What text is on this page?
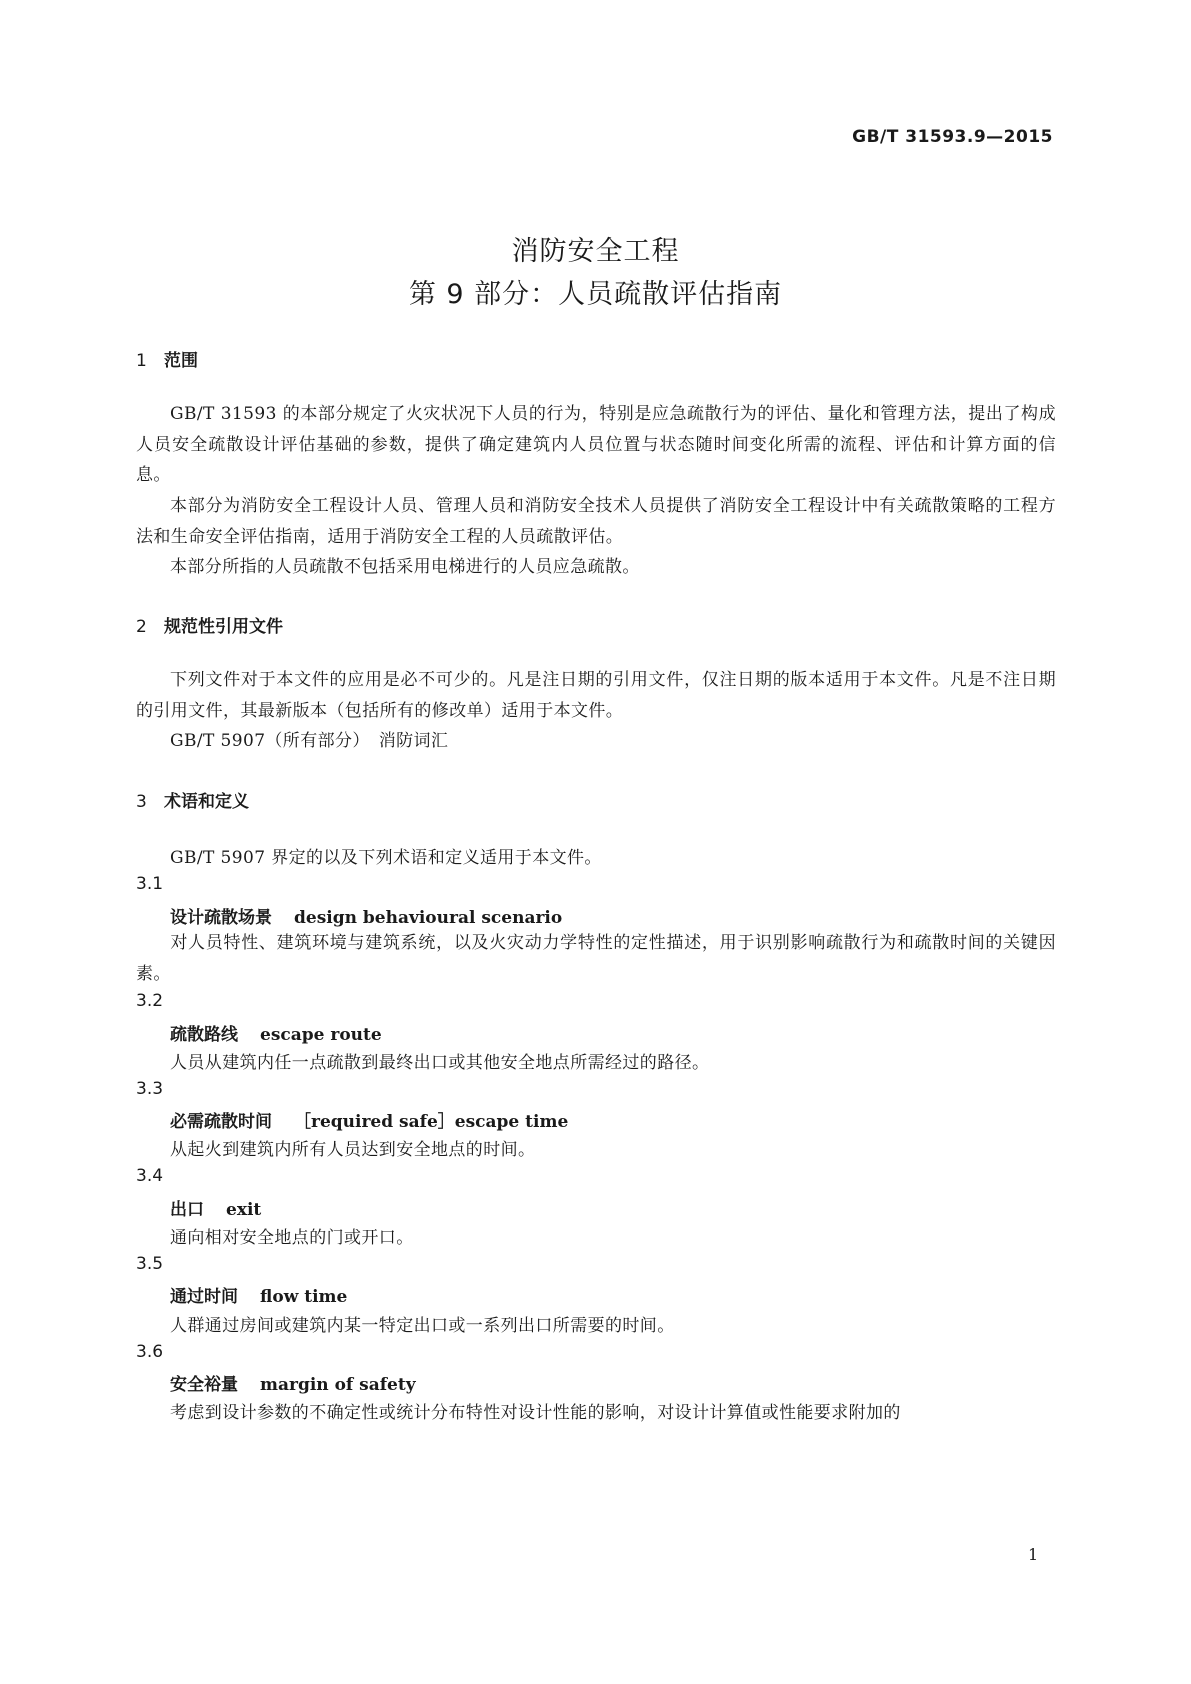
GB/T 31593.9—2015
消防安全工程
第 9 部分：人员疏散评估指南
1 范围

GB/T 31593 的本部分规定了火灾状况下人员的行为，特别是应急疏散行为的评估、量化和管理方法，提出了构成人员安全疏散设计评估基础的参数，提供了确定建筑内人员位置与状态随时间变化所需的流程、评估和计算方面的信息。

本部分为消防安全工程设计人员、管理人员和消防安全技术人员提供了消防安全工程设计中有关疏散策略的工程方法和生命安全评估指南，适用于消防安全工程的人员疏散评估。

本部分所指的人员疏散不包括采用电梯进行的人员应急疏散。

2 规范性引用文件

下列文件对于本文件的应用是必不可少的。凡是注日期的引用文件，仅注日期的版本适用于本文件。凡是不注日期的引用文件，其最新版本（包括所有的修改单）适用于本文件。

GB/T 5907（所有部分）　消防词汇
3 术语和定义
GB/T 5907 界定的以及下列术语和定义适用于本文件。
3.1
设计疏散场景 design behavioural scenario

对人员特性、建筑环境与建筑系统，以及火灾动力学特性的定性描述，用于识别影响疏散行为和疏散时间的关键因素。

3.2
疏散路线 escape route
人员从建筑内任一点疏散到最终出口或其他安全地点所需经过的路径。
3.3
必需疏散时间 ［required safe］escape time
从起火到建筑内所有人员达到安全地点的时间。
3.4
出口 exit
通向相对安全地点的门或开口。
3.5
通过时间 flow time
人群通过房间或建筑内某一特定出口或一系列出口所需要的时间。
3.6
安全裕量 margin of safety
考虑到设计参数的不确定性或统计分布特性对设计性能的影响，对设计计算值或性能要求附加的
1
